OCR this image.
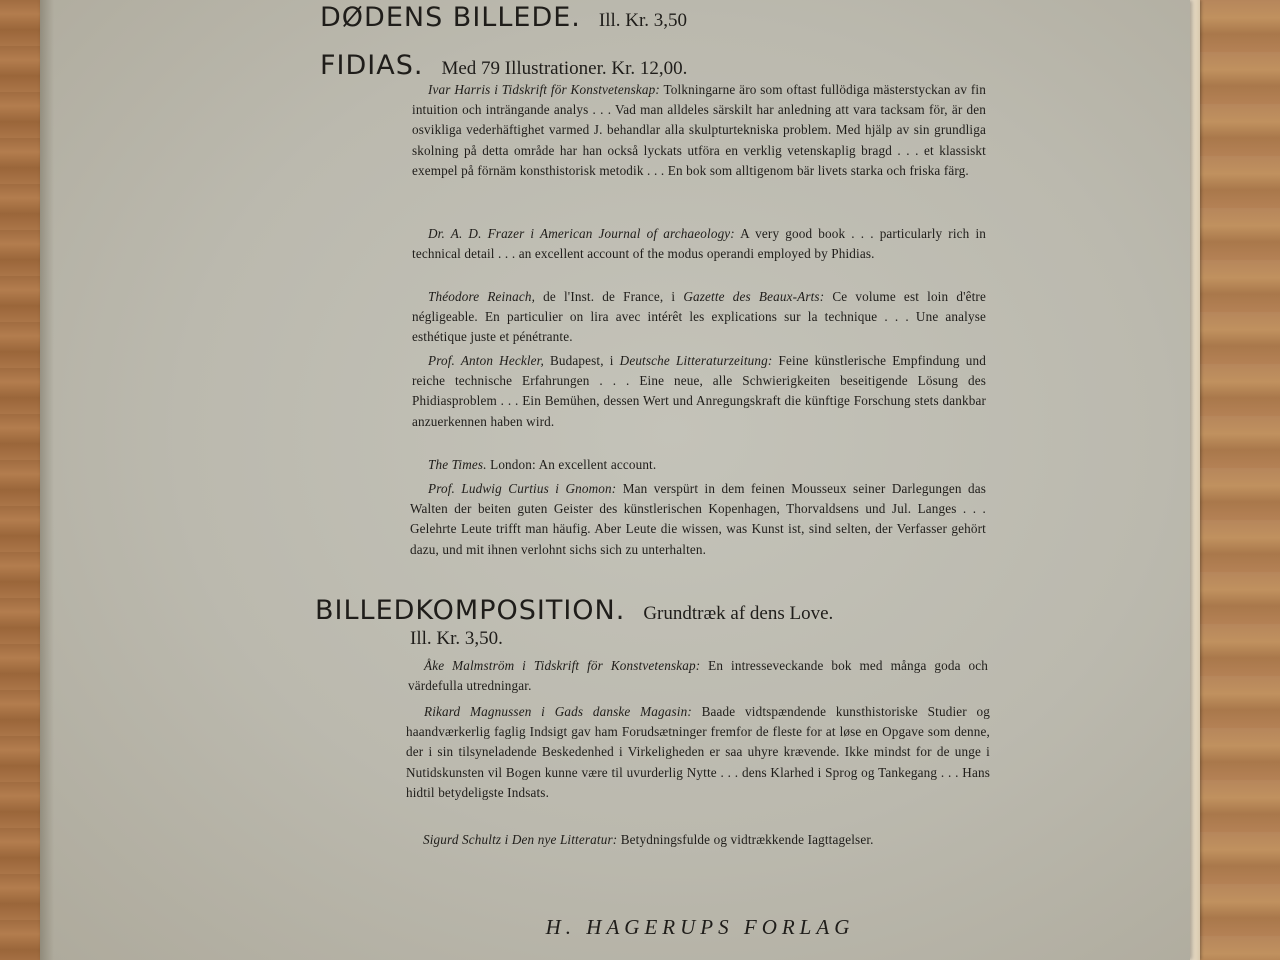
DØDENS BILLEDE. Ill. Kr. 3,50
FIDIAS. Med 79 Illustrationer. Kr. 12,00.
Ivar Harris i Tidskrift för Konstvetenskap: Tolkningarne äro som oftast fullödiga mästerstyckan av fin intuition och inträngande analys . . . Vad man alldeles särskilt har anledning att vara tacksam för, är den osvikliga vederhäftighet varmed J. behandlar alla skulpturtekniska problem. Med hjälp av sin grundliga skolning på detta område har han också lyckats utföra en verklig vetenskaplig bragd . . . et klassiskt exempel på förnäm konsthistorisk metodik . . . En bok som alltigenom bär livets starka och friska färg.
Dr. A. D. Frazer i American Journal of archaeology: A very good book . . . particularly rich in technical detail . . . an excellent account of the modus operandi employed by Phidias.
Théodore Reinach, de l'Inst. de France, i Gazette des Beaux-Arts: Ce volume est loin d'être négligeable. En particulier on lira avec intérêt les explications sur la technique . . . Une analyse esthétique juste et pénétrante.
Prof. Anton Heckler, Budapest, i Deutsche Litteraturzeitung: Feine künstlerische Empfindung und reiche technische Erfahrungen . . . Eine neue, alle Schwierigkeiten beseitigende Lösung des Phidiasproblem . . . Ein Bemühen, dessen Wert und Anregungskraft die künftige Forschung stets dankbar anzuerkennen haben wird.
The Times. London: An excellent account.
Prof. Ludwig Curtius i Gnomon: Man verspürt in dem feinen Mousseux seiner Darlegungen das Walten der beiten guten Geister des künstlerischen Kopenhagen, Thorvaldsens und Jul. Langes . . . Gelehrte Leute trifft man häufig. Aber Leute die wissen, was Kunst ist, sind selten, der Verfasser gehört dazu, und mit ihnen verlohnt sichs sich zu unterhalten.
BILLEDKOMPOSITION. Grundtræk af dens Love.
Ill. Kr. 3,50.
Åke Malmström i Tidskrift för Konstvetenskap: En intresseveckande bok med många goda och värdefulla utredningar.
Rikard Magnussen i Gads danske Magasin: Baade vidtspændende kunsthistoriske Studier og haandværkerlig faglig Indsigt gav ham Forudsætninger fremfor de fleste for at løse en Opgave som denne, der i sin tilsyneladende Beskedenhed i Virkeligheden er saa uhyre krævende. Ikke mindst for de unge i Nutidskunsten vil Bogen kunne være til uvurderlig Nytte . . . dens Klarhed i Sprog og Tankegang . . . Hans hidtil betydeligste Indsats.
Sigurd Schultz i Den nye Litteratur: Betydningsfulde og vidtrækkende Iagttagelser.
H. HAGERUPS FORLAG
